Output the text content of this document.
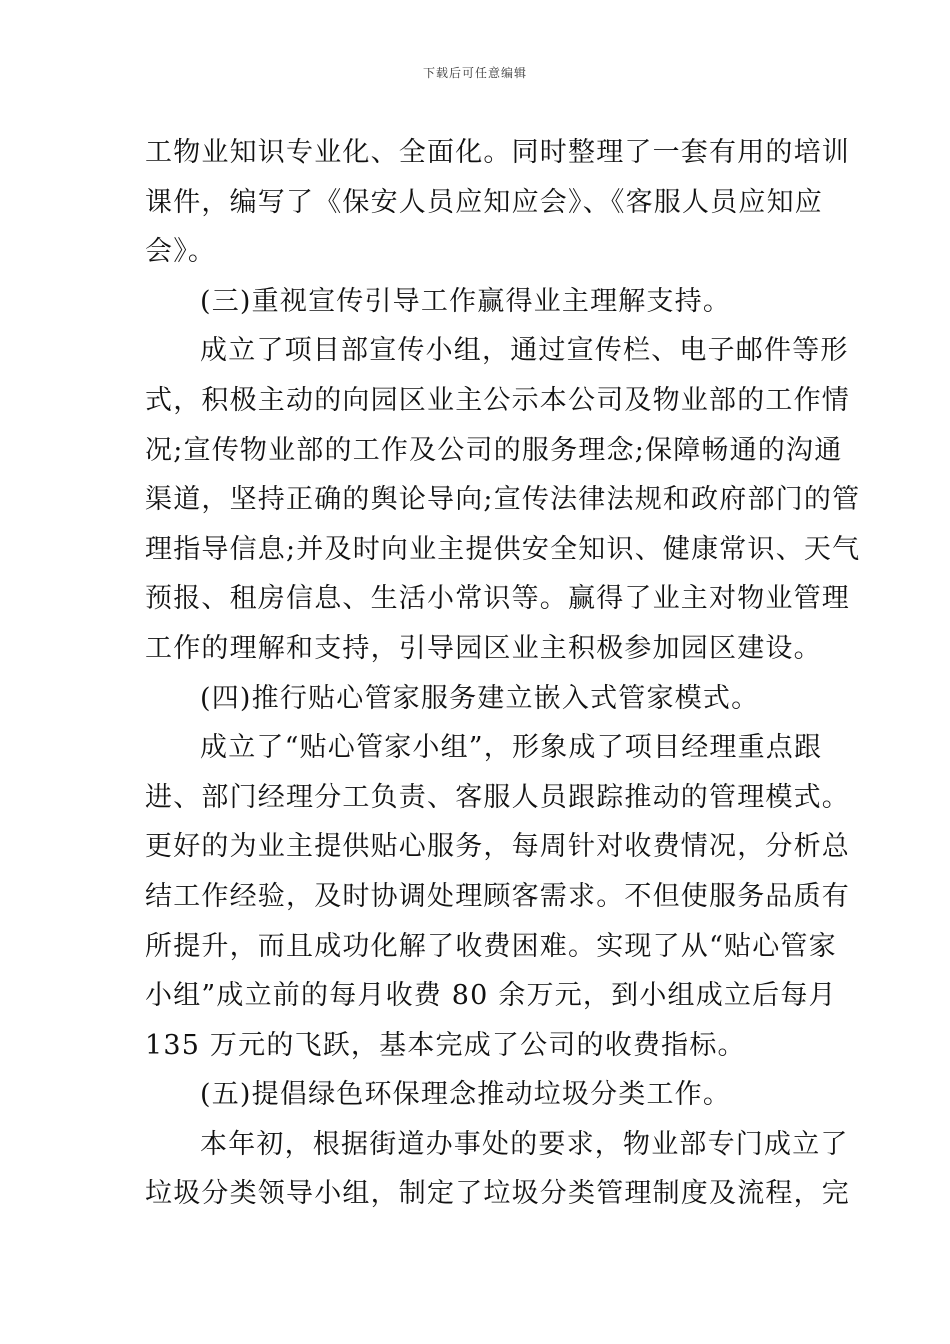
下载后可任意编辑
工物业知识专业化、全面化。同时整理了一套有用的培训
课件，编写了《保安人员应知应会》、《客服人员应知应
会》。
(三)重视宣传引导工作赢得业主理解支持。
成立了项目部宣传小组，通过宣传栏、电子邮件等形
式，积极主动的向园区业主公示本公司及物业部的工作情
况;宣传物业部的工作及公司的服务理念;保障畅通的沟通
渠道，坚持正确的舆论导向;宣传法律法规和政府部门的管
理指导信息;并及时向业主提供安全知识、健康常识、天气
预报、租房信息、生活小常识等。赢得了业主对物业管理
工作的理解和支持，引导园区业主积极参加园区建设。
(四)推行贴心管家服务建立嵌入式管家模式。
成立了“贴心管家小组”，形象成了项目经理重点跟
进、部门经理分工负责、客服人员跟踪推动的管理模式。
更好的为业主提供贴心服务，每周针对收费情况，分析总
结工作经验，及时协调处理顾客需求。不但使服务品质有
所提升，而且成功化解了收费困难。实现了从“贴心管家
小组”成立前的每月收费 80 余万元，到小组成立后每月
135 万元的飞跃，基本完成了公司的收费指标。
(五)提倡绿色环保理念推动垃圾分类工作。
本年初，根据街道办事处的要求，物业部专门成立了
垃圾分类领导小组，制定了垃圾分类管理制度及流程，完
